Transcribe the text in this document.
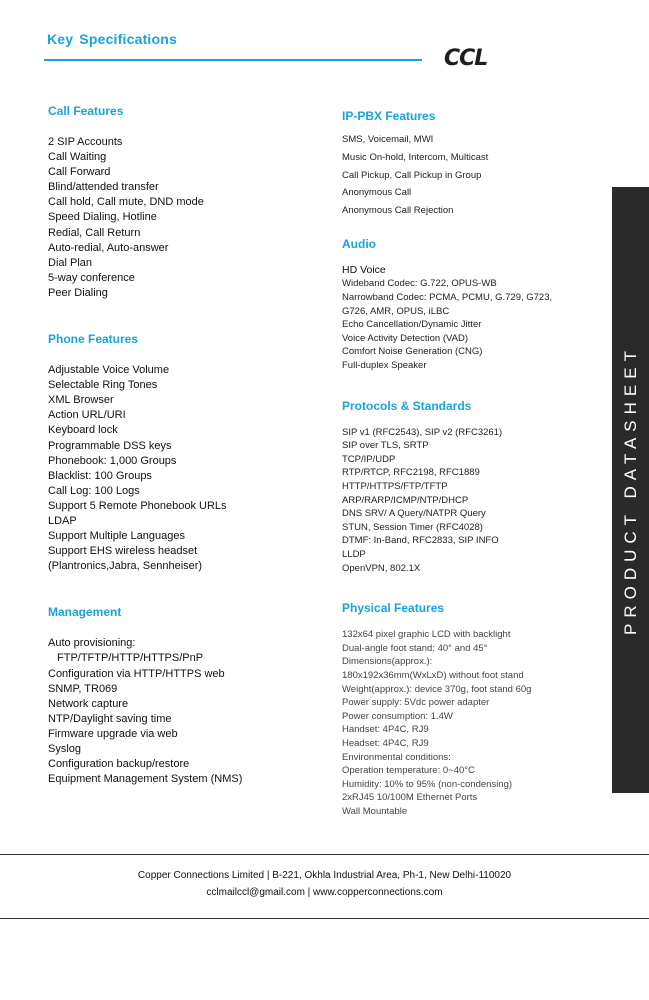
Key Specifications
CCL
Call Features
2 SIP Accounts
Call Waiting
Call Forward
Blind/attended transfer
Call hold, Call mute, DND mode
Speed Dialing, Hotline
Redial, Call Return
Auto-redial, Auto-answer
Dial Plan
5-way conference
Peer Dialing
Phone Features
Adjustable Voice Volume
Selectable Ring Tones
XML Browser
Action URL/URI
Keyboard lock
Programmable DSS keys
Phonebook: 1,000 Groups
Blacklist: 100 Groups
Call Log: 100 Logs
Support 5 Remote Phonebook URLs
LDAP
Support Multiple Languages
Support EHS wireless headset
(Plantronics,Jabra, Sennheiser)
Management
Auto provisioning:
FTP/TFTP/HTTP/HTTPS/PnP
Configuration via HTTP/HTTPS web
SNMP, TR069
Network capture
NTP/Daylight saving time
Firmware upgrade via web
Syslog
Configuration backup/restore
Equipment Management System (NMS)
IP-PBX Features
SMS, Voicemail, MWI
Music On-hold, Intercom, Multicast
Call Pickup, Call Pickup in Group
Anonymous Call
Anonymous Call Rejection
Audio
HD Voice
Wideband Codec: G.722, OPUS-WB
Narrowband Codec: PCMA, PCMU, G.729, G723,
G726, AMR, OPUS, iLBC
Echo Cancellation/Dynamic Jitter
Voice Activity Detection (VAD)
Comfort Noise Generation (CNG)
Full-duplex Speaker
Protocols & Standards
SIP v1 (RFC2543), SIP v2 (RFC3261)
SIP over TLS, SRTP
TCP/IP/UDP
RTP/RTCP, RFC2198, RFC1889
HTTP/HTTPS/FTP/TFTP
ARP/RARP/ICMP/NTP/DHCP
DNS SRV/ A Query/NATPR Query
STUN, Session Timer (RFC4028)
DTMF: In-Band, RFC2833, SIP INFO
LLDP
OpenVPN, 802.1X
Physical Features
132x64 pixel graphic LCD with backlight
Dual-angle foot stand: 40° and 45°
Dimensions(approx.):
180x192x36mm(WxLxD) without foot stand
Weight(approx.): device 370g, foot stand 60g
Power supply: 5Vdc power adapter
Power consumption: 1.4W
Handset: 4P4C, RJ9
Headset: 4P4C, RJ9
Environmental conditions:
Operation temperature: 0~40°C
Humidity: 10% to 95% (non-condensing)
2xRJ45 10/100M Ethernet Ports
Wall Mountable
PRODUCT DATASHEET
Copper Connections Limited | B-221, Okhla Industrial Area, Ph-1, New Delhi-110020
cclmailccl@gmail.com | www.copperconnections.com
